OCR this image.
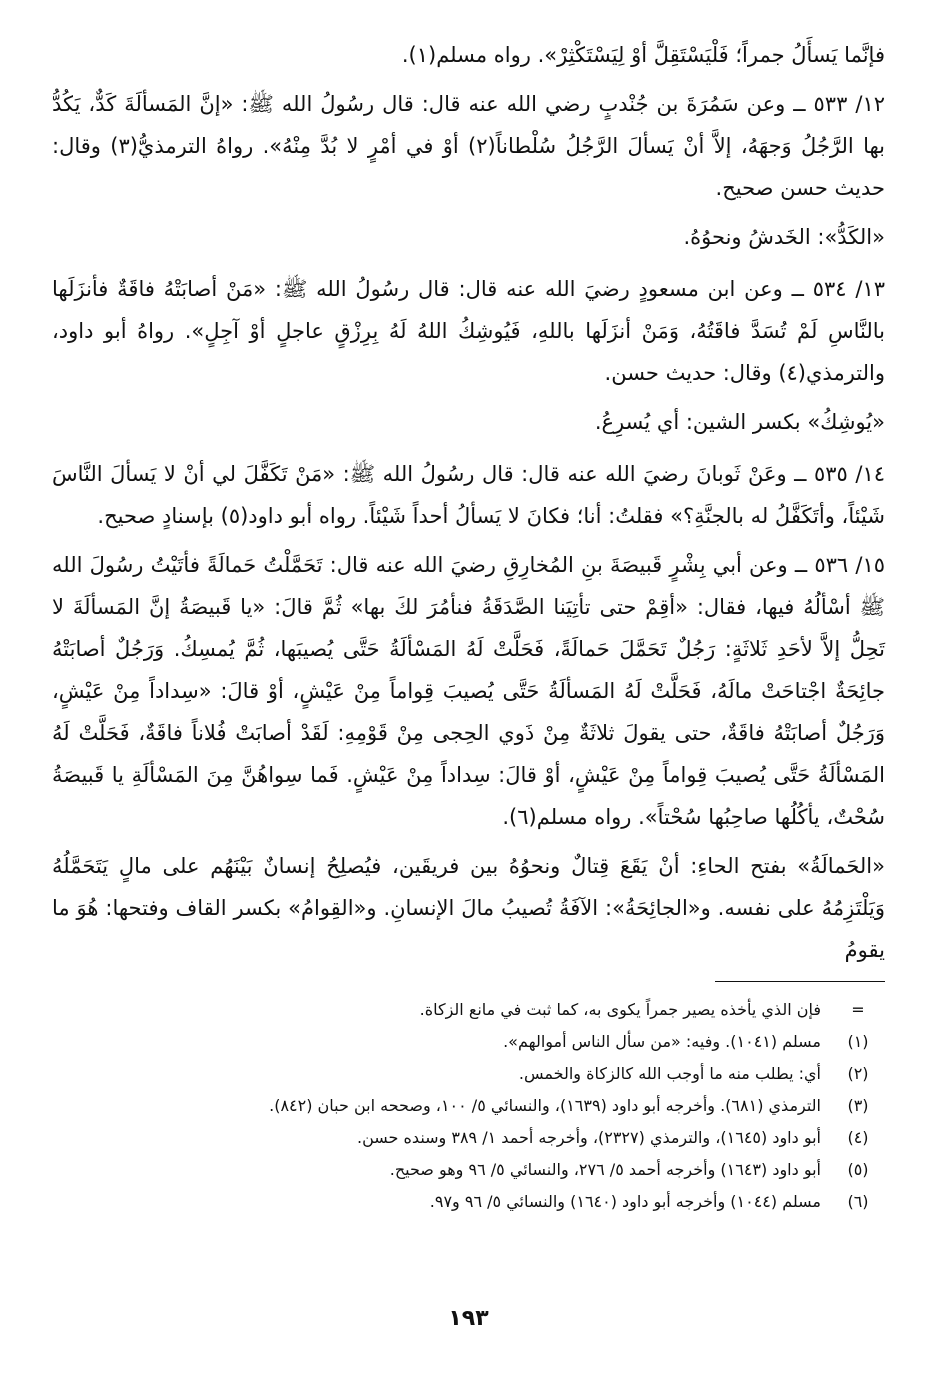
فإنَّما يَسأَلُ جمراً؛ فَلْيَسْتَقِلَّ أوْ لِيَسْتَكْثِرْ». رواه مسلم(١).

١٢/ ٥٣٣ ــ وعن سَمُرَةَ بن جُنْدبٍ رضي الله عنه قال: قال رسُولُ الله ﷺ: «إنَّ المَسألَةَ كَدٌّ، يَكُدُّ بها الرَّجُلُ وَجهَهُ، إلاَّ أنْ يَسألَ الرَّجُلُ سُلْطاناً(٢) أوْ في أمْرٍ لا بُدَّ مِنْهُ». رواهُ الترمذيُّ(٣) وقال: حديث حسن صحيح.

«الكَدُّ»: الخَدشُ ونحوُهُ.

١٣/ ٥٣٤ ــ وعن ابن مسعودٍ رضيَ الله عنه قال: قال رسُولُ الله ﷺ: «مَنْ أصابَتْهُ فاقَةٌ فأنزَلَها بالنَّاسِ لَمْ تُسَدَّ فاقَتُهُ، وَمَنْ أنزَلَها باللهِ، فَيُوشِكُ اللهُ لَهُ بِرِزْقٍ عاجلٍ أوْ آجِلٍ». رواهُ أبو داود، والترمذي(٤) وقال: حديث حسن.

«يُوشِكُ» بكسر الشين: أي يُسرِعُ.

١٤/ ٥٣٥ ــ وعَنْ ثَوبانَ رضيَ الله عنه قال: قال رسُولُ الله ﷺ: «مَنْ تَكَفَّلَ لي أنْ لا يَسألَ النَّاسَ شَيْئاً، وأتَكَفَّلُ له بالجنَّةِ؟» فقلتُ: أنا؛ فكانَ لا يَسألُ أحداً شَيْئاً. رواه أبو داود(٥) بإسنادٍ صحيح.

١٥/ ٥٣٦ ــ وعن أبي بِشْرٍ قَبيصَةَ بنِ المُخارِقِ رضيَ الله عنه قال: تَحَمَّلْتُ حَمالَةً فأتَيْتُ رسُولَ الله ﷺ أسْألُهُ فيها، فقال: «أقِمْ حتى تأتِيَنا الصَّدَقَةُ فنأمُرَ لكَ بها» ثُمَّ قالَ: «يا قَبيصَةُ إنَّ المَسألَةَ لا تَحِلُّ إلاَّ لأحَدِ ثَلاثَةٍ: رَجُلٌ تَحَمَّلَ حَمالَةً، فَحَلَّتْ لَهُ المَسْألَةُ حَتَّى يُصيبَها، ثُمَّ يُمسِكُ. وَرَجُلٌ أصابَتْهُ جائِحَةٌ اجْتاحَتْ مالَهُ، فَحَلَّتْ لَهُ المَسألَةُ حَتَّى يُصيبَ قِواماً مِنْ عَيْشٍ، أوْ قالَ: «سِداداً مِنْ عَيْشٍ، وَرَجُلٌ أصابَتْهُ فاقَةٌ، حتى يقولَ ثلاثَةٌ مِنْ ذَوي الحِجى مِنْ قَوْمِهِ: لَقَدْ أصابَتْ فُلاناً فاقَةٌ، فَحَلَّتْ لَهُ المَسْألَةُ حَتَّى يُصيبَ قِواماً مِنْ عَيْشٍ، أوْ قالَ: سِداداً مِنْ عَيْشٍ. فَما سِواهُنَّ مِنَ المَسْألَةِ يا قَبيصَةُ سُحْتٌ، يأكُلُها صاحِبُها سُحْتاً». رواه مسلم(٦).

«الحَمالَةُ» بفتح الحاءِ: أنْ يَقَعَ قِتالٌ ونحوُهُ بين فريقَين، فيُصلِحُ إنسانٌ بَيْنَهُم على مالٍ يَتَحَمَّلُهُ وَيَلْتَزِمُهُ على نفسه. و«الجائِحَةُ»: الآفَةُ تُصيبُ مالَ الإنسانِ. و«القِوامُ» بكسر القاف وفتحها: هُوَ ما يقومُ

=
فإن الذي يأخذه يصير جمراً يكوى به، كما ثبت في مانع الزكاة.
(١)
مسلم (١٠٤١). وفيه: «من سأل الناس أموالهم».
(٢)
أي: يطلب منه ما أوجب الله كالزكاة والخمس.
(٣)
الترمذي (٦٨١). وأخرجه أبو داود (١٦٣٩)، والنسائي ٥/ ١٠٠، وصححه ابن حبان (٨٤٢).
(٤)
أبو داود (١٦٤٥)، والترمذي (٢٣٢٧)، وأخرجه أحمد ١/ ٣٨٩ وسنده حسن.
(٥)
أبو داود (١٦٤٣) وأخرجه أحمد ٥/ ٢٧٦، والنسائي ٥/ ٩٦ وهو صحيح.
(٦)
مسلم (١٠٤٤) وأخرجه أبو داود (١٦٤٠) والنسائي ٥/ ٩٦ و٩٧.
١٩٣
